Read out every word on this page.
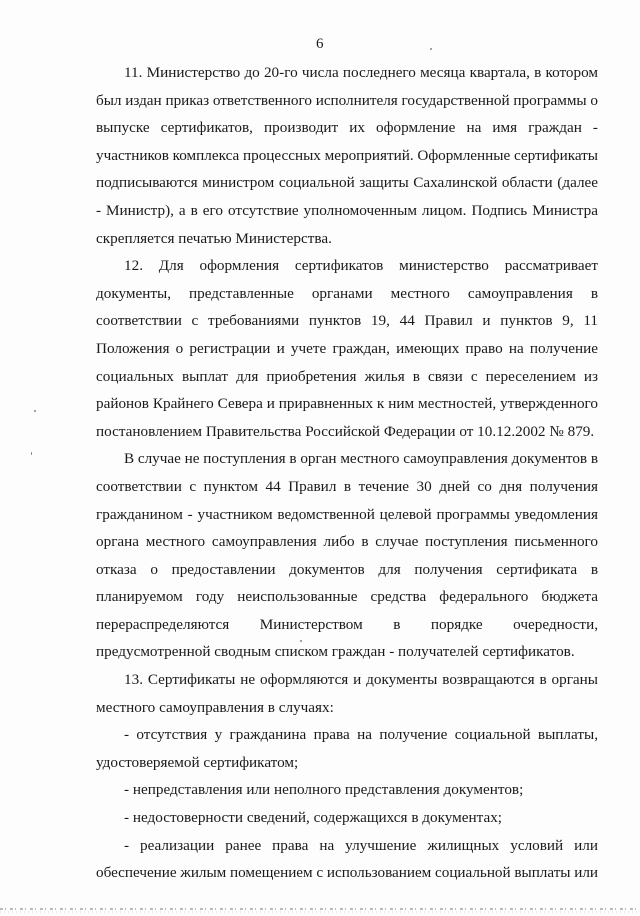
6
11. Министерство до 20-го числа последнего месяца квартала, в котором
был издан приказ ответственного исполнителя государственной программы о
выпуске сертификатов, производит их оформление на имя граждан -
участников комплекса процессных мероприятий. Оформленные сертификаты
подписываются министром социальной защиты Сахалинской области (далее
- Министр), а в его отсутствие уполномоченным лицом. Подпись Министра
скрепляется печатью Министерства.
12. Для оформления сертификатов министерство рассматривает
документы, представленные органами местного самоуправления в
соответствии с требованиями пунктов 19, 44 Правил и пунктов 9, 11
Положения о регистрации и учете граждан, имеющих право на получение
социальных выплат для приобретения жилья в связи с переселением из
районов Крайнего Севера и приравненных к ним местностей, утвержденного
постановлением Правительства Российской Федерации от 10.12.2002 № 879.
В случае не поступления в орган местного самоуправления документов в
соответствии с пунктом 44 Правил в течение 30 дней со дня получения
гражданином - участником ведомственной целевой программы уведомления
органа местного самоуправления либо в случае поступления письменного
отказа о предоставлении документов для получения сертификата в
планируемом году неиспользованные средства федерального бюджета
перераспределяются Министерством в порядке очередности,
предусмотренной сводным списком граждан - получателей сертификатов.
13. Сертификаты не оформляются и документы возвращаются в органы
местного самоуправления в случаях:
- отсутствия у гражданина права на получение социальной выплаты,
удостоверяемой сертификатом;
- непредставления или неполного представления документов;
- недостоверности сведений, содержащихся в документах;
- реализации ранее права на улучшение жилищных условий или
обеспечение жилым помещением с использованием социальной выплаты или
